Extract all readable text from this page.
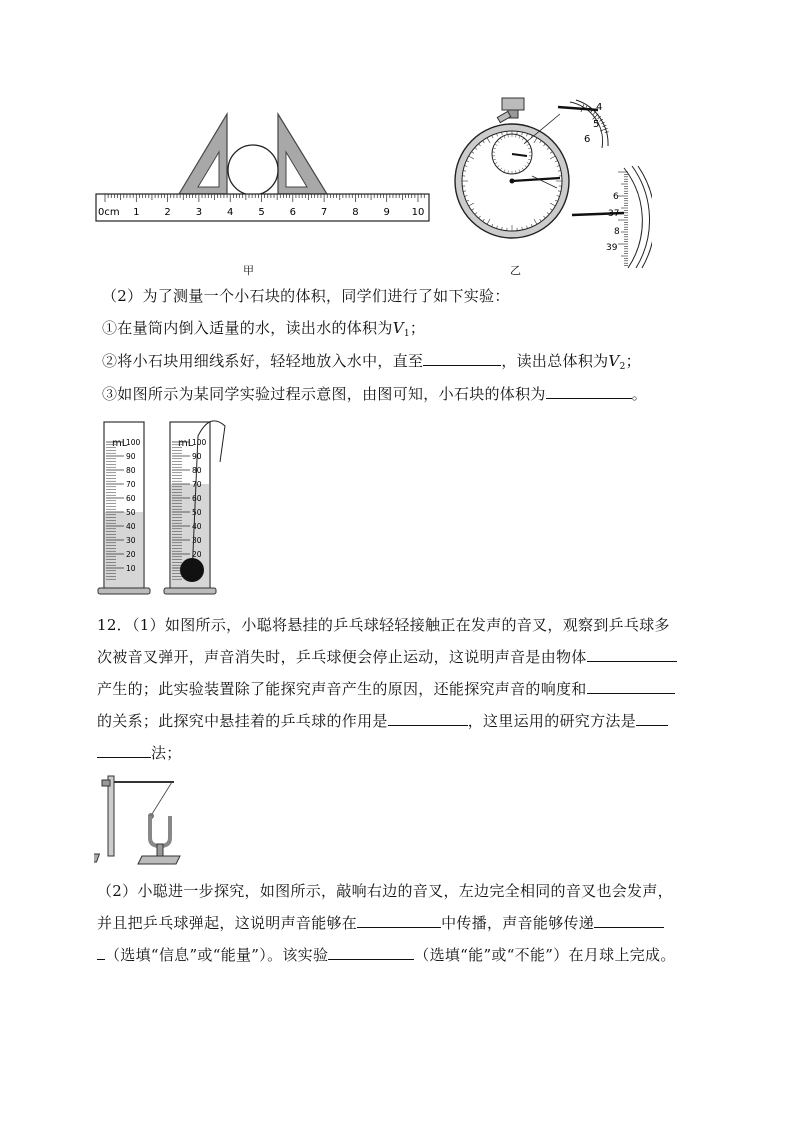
0cm 1 2 3 4 5 6 7 8 9 10
甲
4
5
6
6
37
8
39
乙
（2）为了测量一个小石块的体积，同学们进行了如下实验：
①在量筒内倒入适量的水，读出水的体积为$V_1$；
②将小石块用细线系好，轻轻地放入水中，直至	，读出总体积为$V_2$；
③如图所示为某同学实验过程示意图，由图可知，小石块的体积为	。
mL
100
90
80
70
60
50
40
30
20
10
mL
100
90
80
70
60
50
40
30
20
12．（1）如图所示，小聪将悬挂的乒乓球轻轻接触正在发声的音叉，观察到乒乓球多
次被音叉弹开，声音消失时，乒乓球便会停止运动，这说明声音是由物体
产生的；此实验装置除了能探究声音产生的原因，还能探究声音的响度和
的关系；此探究中悬挂着的乒乓球的作用是	，这里运用的研究方法是
法；
（2）小聪进一步探究，如图所示，敲响右边的音叉，左边完全相同的音叉也会发声，
并且把乒乓球弹起，这说明声音能够在	中传播，声音能够传递
（选填“信息”或“能量”）。该实验	（选填“能”或“不能”）在月球上完成。
